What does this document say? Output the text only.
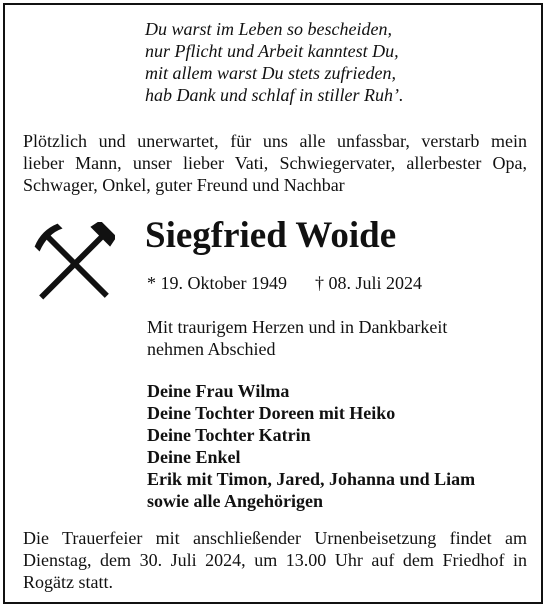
Du warst im Leben so bescheiden,
nur Pflicht und Arbeit kanntest Du,
mit allem warst Du stets zufrieden,
hab Dank und schlaf in stiller Ruh’.
Plötzlich und unerwartet, für uns alle unfassbar, verstarb mein
lieber Mann, unser lieber Vati, Schwiegervater, allerbester Opa,
Schwager, Onkel, guter Freund und Nachbar
Siegfried Woide
* 19. Oktober 1949 † 08. Juli 2024
Mit traurigem Herzen und in Dankbarkeit
nehmen Abschied
Deine Frau Wilma
Deine Tochter Doreen mit Heiko
Deine Tochter Katrin
Deine Enkel
Erik mit Timon, Jared, Johanna und Liam
sowie alle Angehörigen
Die Trauerfeier mit anschließender Urnenbeisetzung findet am
Dienstag, dem 30. Juli 2024, um 13.00 Uhr auf dem Friedhof in
Rogätz statt.
